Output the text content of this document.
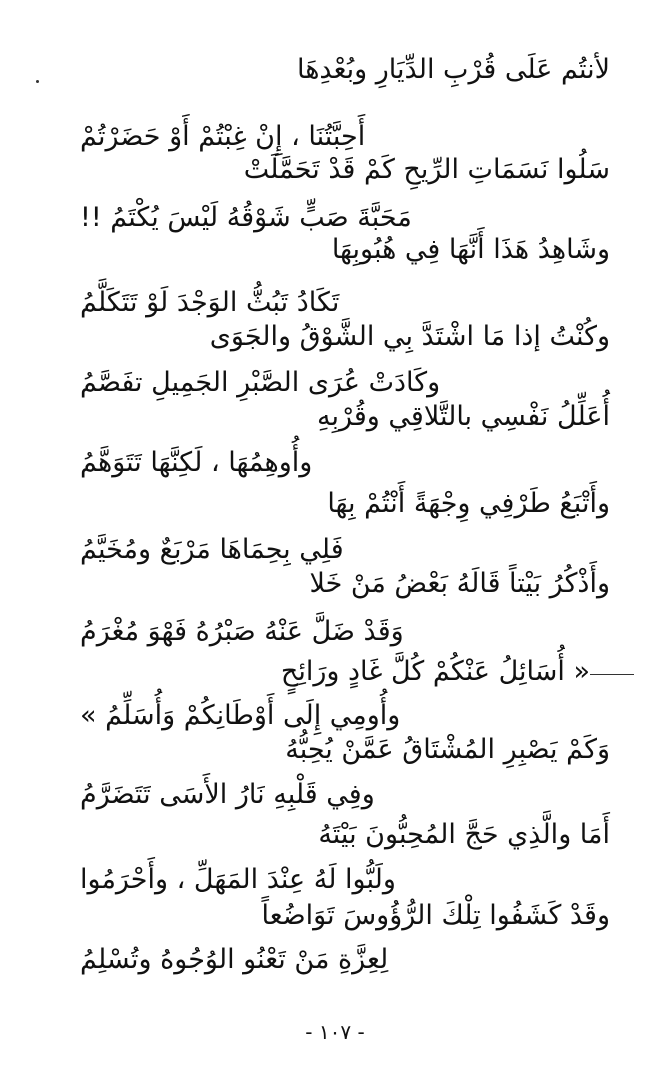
لأنتُم عَلَى قُرْبِ الدِّيَارِ وبُعْدِهَا
أَحِبَّتُنَا ، إِنْ غِبْتُمْ أَوْ حَضَرْتُمْ
سَلُوا نَسَمَاتِ الرِّيحِ كَمْ قَدْ تَحَمَّلَتْ
مَحَبَّةَ صَبٍّ شَوْقُهُ لَيْسَ يُكْتَمُ !!
وشَاهِدُ هَذَا أَنَّهَا فِي هُبُوبِهَا
تَكَادُ تَبُثُّ الوَجْدَ لَوْ تَتَكَلَّمُ
وكُنْتُ إذا مَا اشْتَدَّ بِي الشَّوْقُ والجَوَى
وكَادَتْ عُرَى الصَّبْرِ الجَمِيلِ تفَصَّمُ
أُعَلِّلُ نَفْسِي بالتَّلاقِي وقُرْبِهِ
وأُوهِمُهَا ، لَكِنَّهَا تَتَوَهَّمُ
وأَتْبَعُ طَرْفِي وِجْهَةً أَنْتُمْ بِهَا
فَلِي بِحِمَاهَا مَرْبَعٌ ومُخَيَّمُ
وأَذْكُرُ بَيْتاً قَالَهُ بَعْضُ مَنْ خَلا
وَقَدْ ضَلَّ عَنْهُ صَبْرُهُ فَهْوَ مُغْرَمُ
« أُسَائِلُ عَنْكُمْ كُلَّ غَادٍ ورَائِحٍ
وأُومِي إِلَى أَوْطَانِكُمْ وَأُسَلِّمُ »
وَكَمْ يَصْبِرِ المُشْتَاقُ عَمَّنْ يُحِبُّهُ
وفِي قَلْبِهِ نَارُ الأَسَى تَتَضَرَّمُ
أَمَا والَّذِي حَجَّ المُحِبُّونَ بَيْتَهُ
ولَبُّوا لَهُ عِنْدَ المَهَلِّ ، وأَحْرَمُوا
وقَدْ كَشَفُوا تِلْكَ الرُّؤُوسَ تَوَاضُعاً
لِعِزَّةِ مَنْ تَعْنُو الوُجُوهُ وتُسْلِمُ
- ١٠٧ -
